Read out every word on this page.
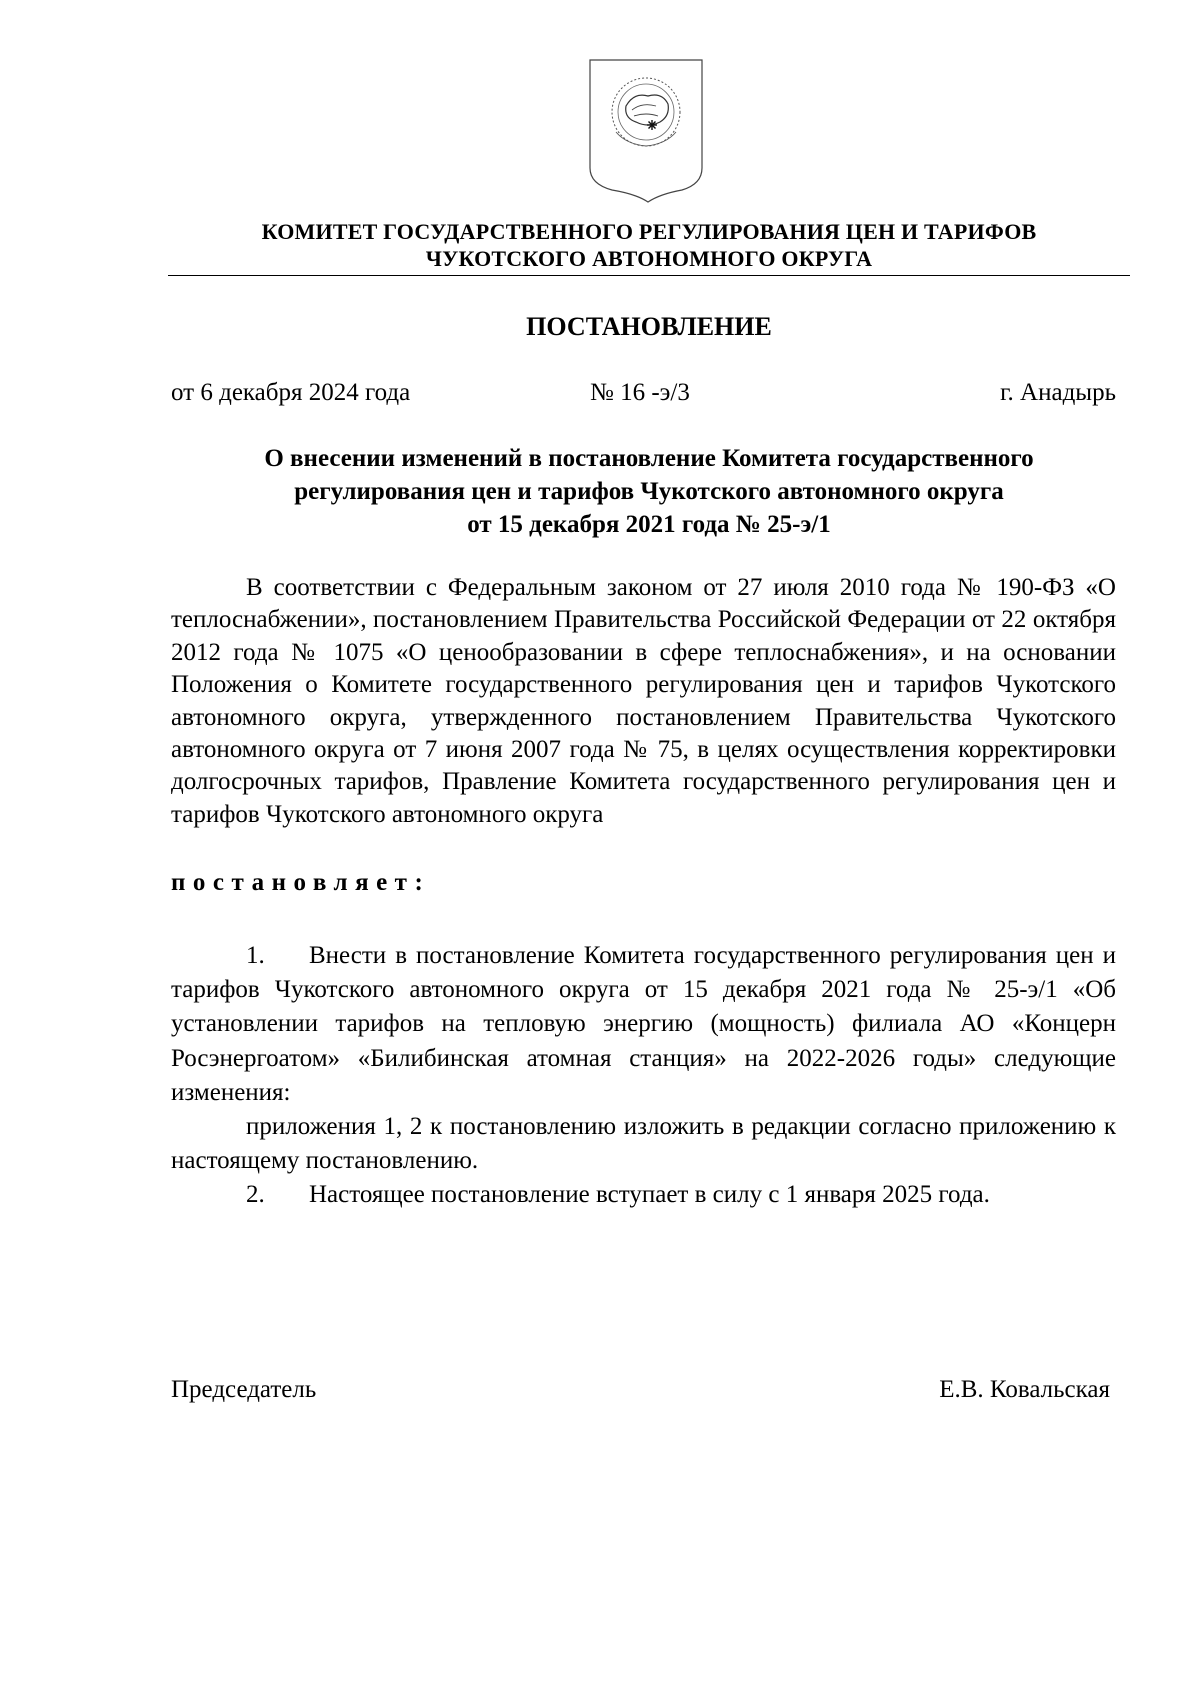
КОМИТЕТ ГОСУДАРСТВЕННОГО РЕГУЛИРОВАНИЯ ЦЕН И ТАРИФОВ
ЧУКОТСКОГО АВТОНОМНОГО ОКРУГА
ПОСТАНОВЛЕНИЕ
от 6 декабря 2024 года	№ 16 -э/3	г. Анадырь
О внесении изменений в постановление Комитета государственного
регулирования цен и тарифов Чукотского автономного округа
от 15 декабря 2021 года № 25-э/1

В соответствии с Федеральным законом от 27 июля 2010 года № 190-ФЗ «О теплоснабжении», постановлением Правительства Российской Федерации от 22 октября 2012 года № 1075 «О ценообразовании в сфере теплоснабжения», и на основании Положения о Комитете государственного регулирования цен и тарифов Чукотского автономного округа, утвержденного постановлением Правительства Чукотского автономного округа от 7 июня 2007 года № 75, в целях осуществления корректировки долгосрочных тарифов, Правление Комитета государственного регулирования цен и тарифов Чукотского автономного округа

постановляет:

1. Внести в постановление Комитета государственного регулирования цен и тарифов Чукотского автономного округа от 15 декабря 2021 года № 25-э/1 «Об установлении тарифов на тепловую энергию (мощность) филиала АО «Концерн Росэнергоатом» «Билибинская атомная станция» на 2022-2026 годы» следующие изменения:

приложения 1, 2 к постановлению изложить в редакции согласно приложению к настоящему постановлению.

2. Настоящее постановление вступает в силу с 1 января 2025 года.

Председатель	Е.В. Ковальская
